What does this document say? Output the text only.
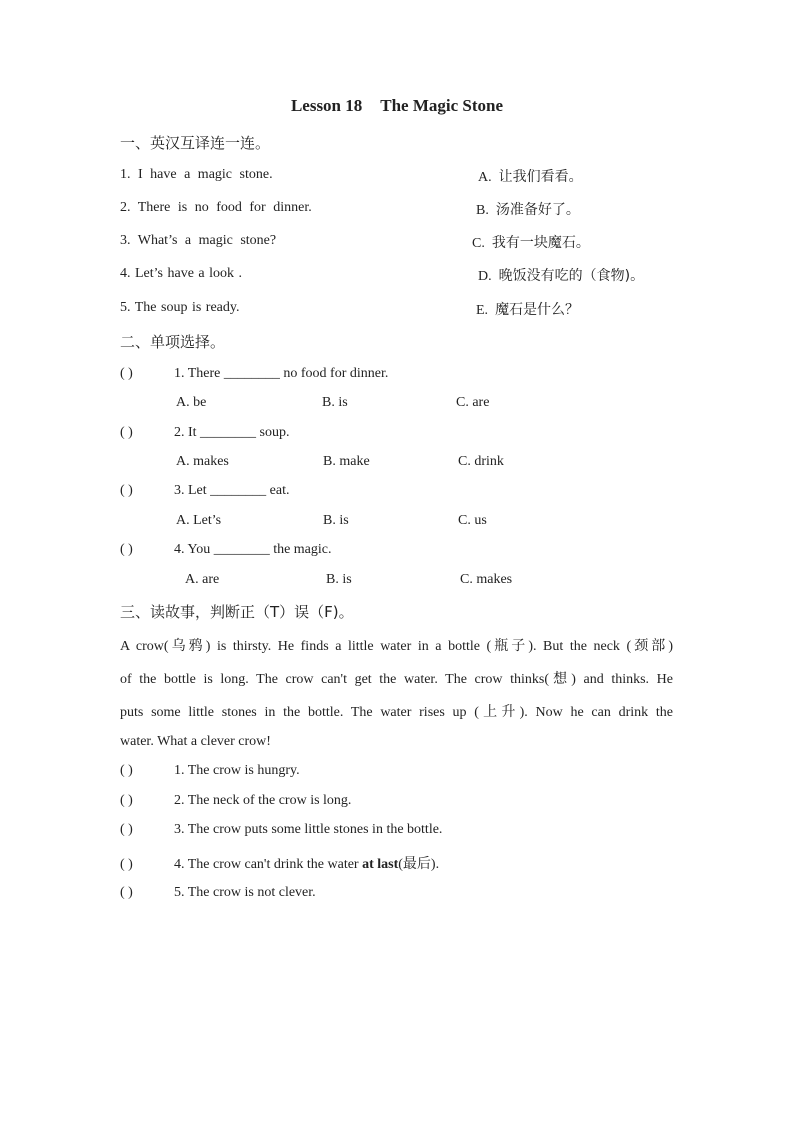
Lesson 18 The Magic Stone
一、英汉互译连一连。
1. I have a magic stone.
2. There is no food for dinner.
3. What’s a magic stone?
4. Let’s have a look .
5. The soup is ready.
A. 让我们看看。
B. 汤准备好了。
C. 我有一块魔石。
D. 晚饭没有吃的（食物)。
E. 魔石是什么？
二、单项选择。
( )	1. There ________ no food for dinner.
A. be	B. is	C. are
( )	2. It ________ soup.
A. makes	B. make	C. drink
( )	3. Let ________ eat.
A. Let’s	B. is	C. us
( )	4. You ________ the magic.
A. are	B. is	C. makes
三、读故事，判断正（T）误（F)。
A crow(乌鸦) is thirsty. He finds a little water in a bottle (瓶子). But the neck (颈部)
of the bottle is long. The crow can't get the water. The crow thinks(想) and thinks. He
puts some little stones in the bottle. The water rises up (上升). Now he can drink the
water. What a clever crow!
( )	1. The crow is hungry.
( )	2. The neck of the crow is long.
( )	3. The crow puts some little stones in the bottle.
( )	4. The crow can't drink the water at last(最后).
( )	5. The crow is not clever.
